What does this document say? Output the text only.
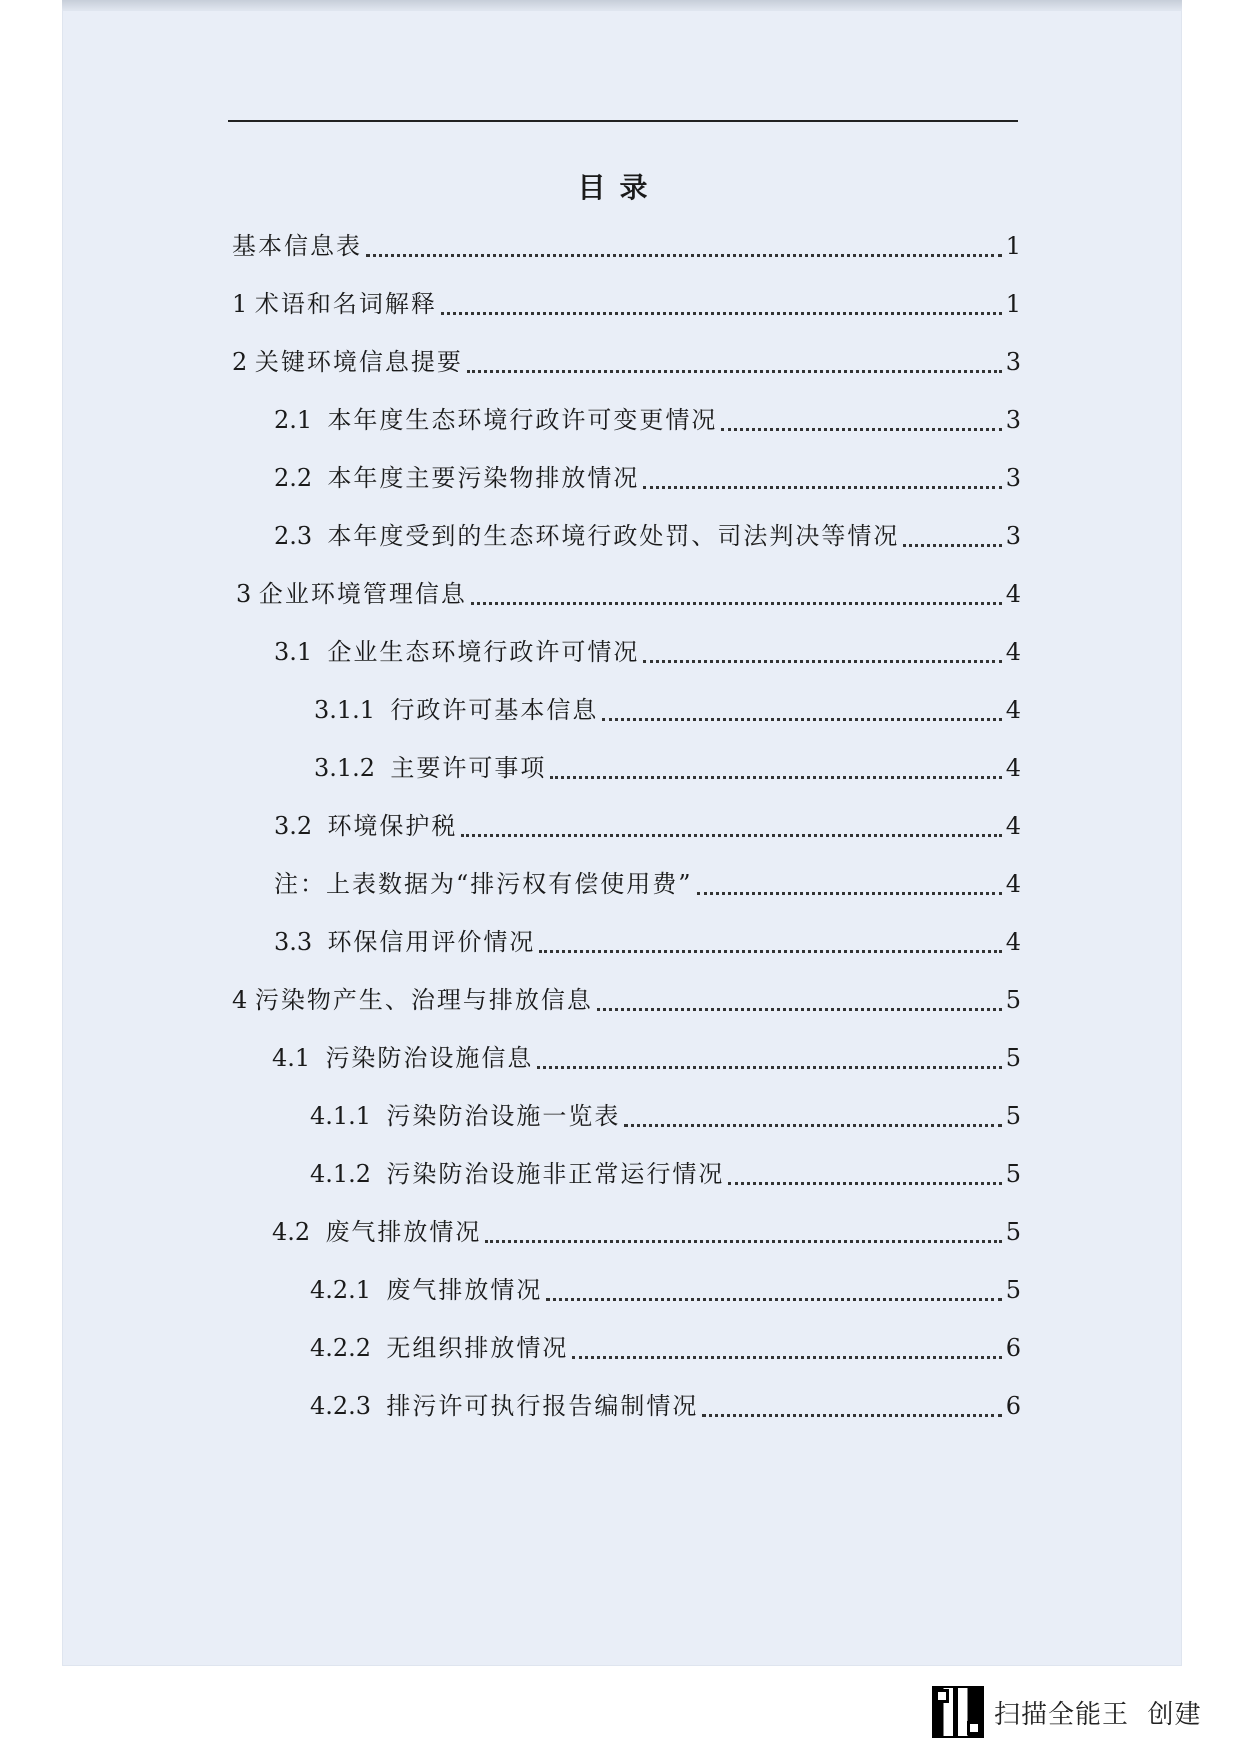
目录
基本信息表	1
1 术语和名词解释	1
2 关键环境信息提要	3
2.1 本年度生态环境行政许可变更情况	3
2.2 本年度主要污染物排放情况	3
2.3 本年度受到的生态环境行政处罚、司法判决等情况	3
3 企业环境管理信息	4
3.1 企业生态环境行政许可情况	4
3.1.1 行政许可基本信息	4
3.1.2 主要许可事项	4
3.2 环境保护税	4
注：上表数据为“排污权有偿使用费”	4
3.3 环保信用评价情况	4
4 污染物产生、治理与排放信息	5
4.1 污染防治设施信息	5
4.1.1 污染防治设施一览表	5
4.1.2 污染防治设施非正常运行情况	5
4.2 废气排放情况	5
4.2.1 废气排放情况	5
4.2.2 无组织排放情况	6
4.2.3 排污许可执行报告编制情况	6
扫描全能王  创建
